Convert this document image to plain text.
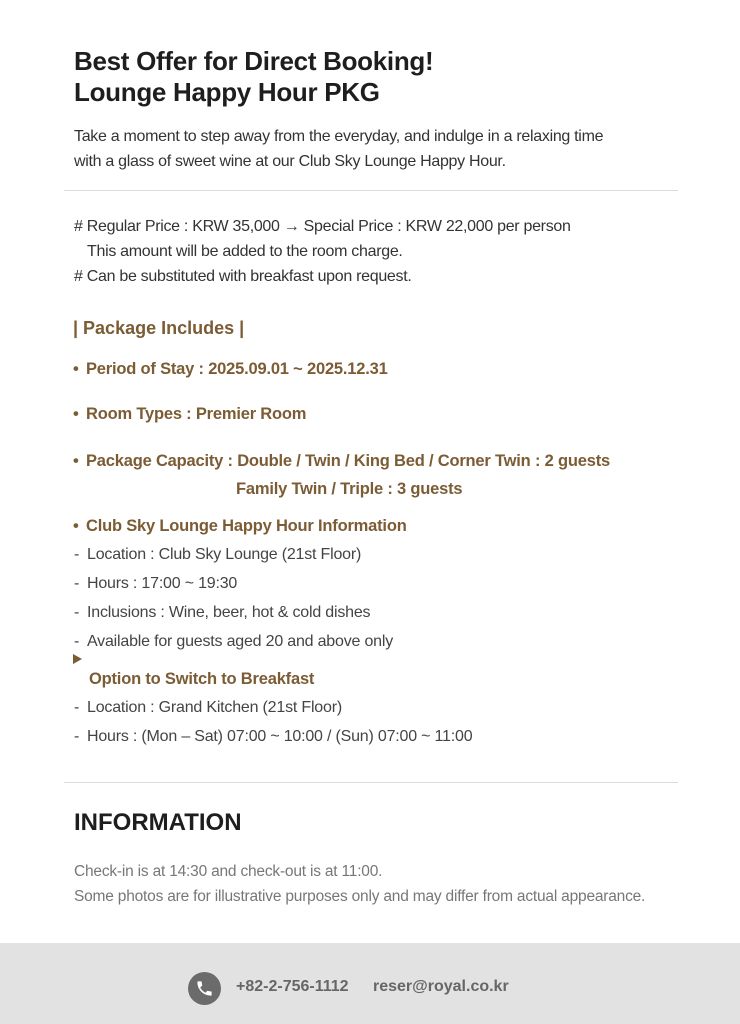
Best Offer for Direct Booking!
Lounge Happy Hour PKG

Take a moment to step away from the everyday, and indulge in a relaxing time
with a glass of sweet wine at our Club Sky Lounge Happy Hour.

# Regular Price : KRW 35,000 → Special Price : KRW 22,000 per person
This amount will be added to the room charge.
# Can be substituted with breakfast upon request.
| Package Includes |
• Period of Stay : 2025.09.01 ~ 2025.12.31
• Room Types : Premier Room
• Package Capacity : Double / Twin / King Bed / Corner Twin : 2 guests
Family Twin / Triple : 3 guests
• Club Sky Lounge Happy Hour Information
- Location : Club Sky Lounge (21st Floor)
- Hours : 17:00 ~ 19:30
- Inclusions : Wine, beer, hot & cold dishes
- Available for guests aged 20 and above only
Option to Switch to Breakfast
- Location : Grand Kitchen (21st Floor)
- Hours : (Mon – Sat) 07:00 ~ 10:00 / (Sun) 07:00 ~ 11:00
INFORMATION
Check-in is at 14:30 and check-out is at 11:00.
Some photos are for illustrative purposes only and may differ from actual appearance.
+82-2-756-1112 reser@royal.co.kr
